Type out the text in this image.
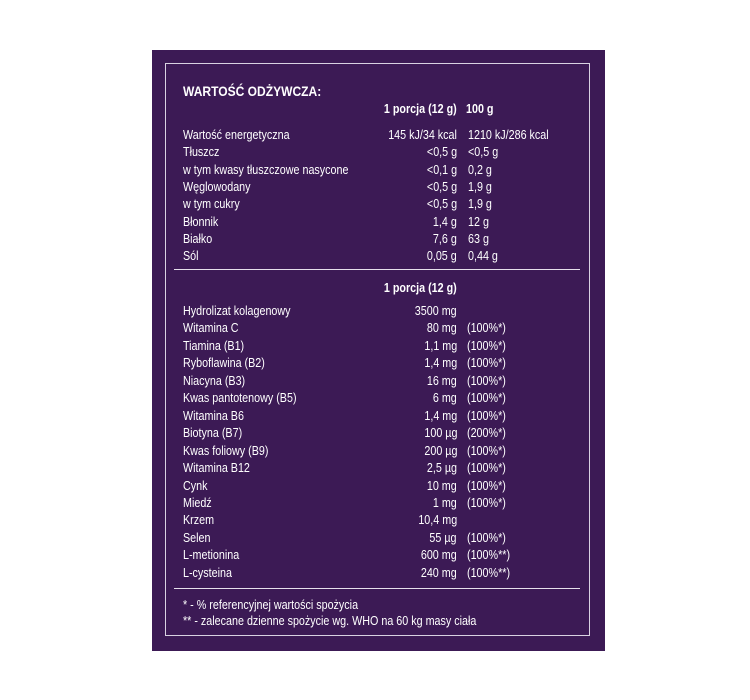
WARTOŚĆ ODŻYWCZA:
1 porcja (12 g) 100 g
Wartość energetyczna	145 kJ/34 kcal 1210 kJ/286 kcal
Tłuszcz	<0,5 g <0,5 g
w tym kwasy tłuszczowe nasycone	<0,1 g 0,2 g
Węglowodany	<0,5 g 1,9 g
w tym cukry	<0,5 g 1,9 g
Błonnik	1,4 g 12 g
Białko	7,6 g 63 g
Sól	0,05 g 0,44 g
1 porcja (12 g)
Hydrolizat kolagenowy	3500 mg
Witamina C	80 mg (100%*)
Tiamina (B1)	1,1 mg (100%*)
Ryboflawina (B2)	1,4 mg (100%*)
Niacyna (B3)	16 mg (100%*)
Kwas pantotenowy (B5)	6 mg (100%*)
Witamina B6	1,4 mg (100%*)
Biotyna (B7)	100 µg (200%*)
Kwas foliowy (B9)	200 µg (100%*)
Witamina B12	2,5 µg (100%*)
Cynk	10 mg (100%*)
Miedź	1 mg (100%*)
Krzem	10,4 mg
Selen	55 µg (100%*)
L-metionina	600 mg (100%**)
L-cysteina	240 mg (100%**)
* - % referencyjnej wartości spożycia
** - zalecane dzienne spożycie wg. WHO na 60 kg masy ciała
